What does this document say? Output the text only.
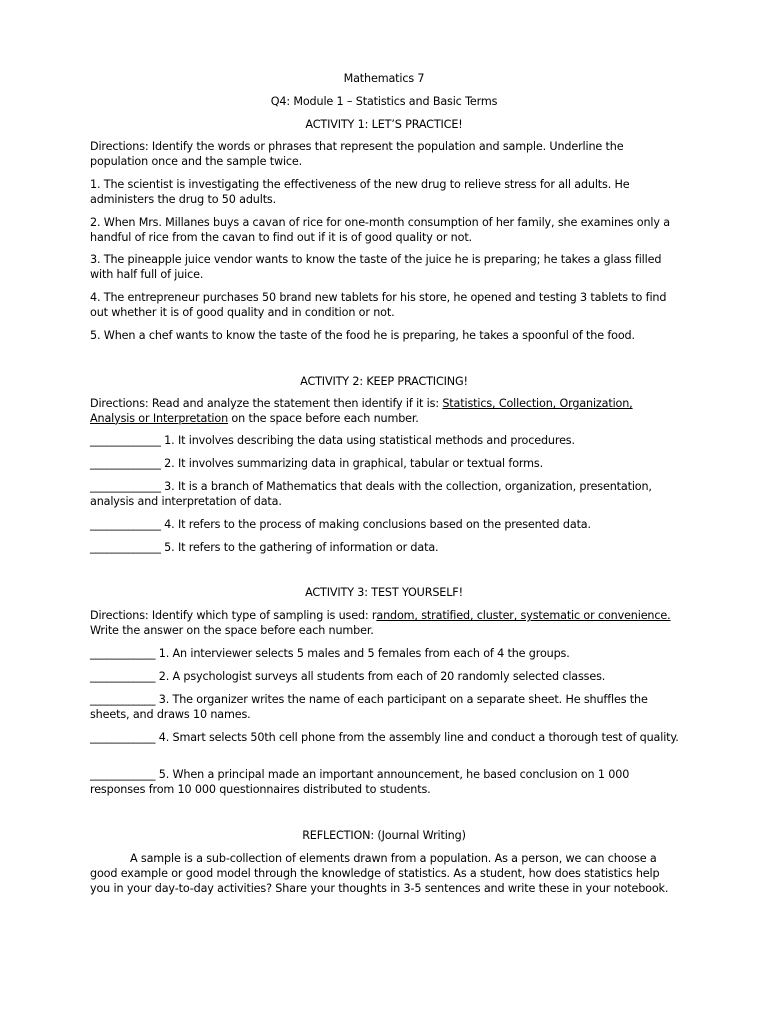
Mathematics 7
Q4: Module 1 – Statistics and Basic Terms
ACTIVITY 1: LET’S PRACTICE!
Directions: Identify the words or phrases that represent the population and sample. Underline the population once and the sample twice.
1. The scientist is investigating the effectiveness of the new drug to relieve stress for all adults. He administers the drug to 50 adults.
2. When Mrs. Millanes buys a cavan of rice for one-month consumption of her family, she examines only a handful of rice from the cavan to find out if it is of good quality or not.
3. The pineapple juice vendor wants to know the taste of the juice he is preparing; he takes a glass filled with half full of juice.
4. The entrepreneur purchases 50 brand new tablets for his store, he opened and testing 3 tablets to find out whether it is of good quality and in condition or not.
5. When a chef wants to know the taste of the food he is preparing, he takes a spoonful of the food.
ACTIVITY 2: KEEP PRACTICING!
Directions: Read and analyze the statement then identify if it is: Statistics, Collection, Organization, Analysis or Interpretation on the space before each number.
_____________ 1. It involves describing the data using statistical methods and procedures.
_____________ 2. It involves summarizing data in graphical, tabular or textual forms.
_____________ 3. It is a branch of Mathematics that deals with the collection, organization, presentation, analysis and interpretation of data.
_____________ 4. It refers to the process of making conclusions based on the presented data.
_____________ 5. It refers to the gathering of information or data.
ACTIVITY 3: TEST YOURSELF!
Directions: Identify which type of sampling is used: random, stratified, cluster, systematic or convenience. Write the answer on the space before each number.
____________ 1. An interviewer selects 5 males and 5 females from each of 4 the groups.
____________ 2. A psychologist surveys all students from each of 20 randomly selected classes.
____________ 3. The organizer writes the name of each participant on a separate sheet. He shuffles the sheets, and draws 10 names.
____________ 4. Smart selects 50th cell phone from the assembly line and conduct a thorough test of quality.
____________ 5. When a principal made an important announcement, he based conclusion on 1 000 responses from 10 000 questionnaires distributed to students.
REFLECTION: (Journal Writing)
A sample is a sub-collection of elements drawn from a population. As a person, we can choose a good example or good model through the knowledge of statistics. As a student, how does statistics help you in your day-to-day activities? Share your thoughts in 3-5 sentences and write these in your notebook.
